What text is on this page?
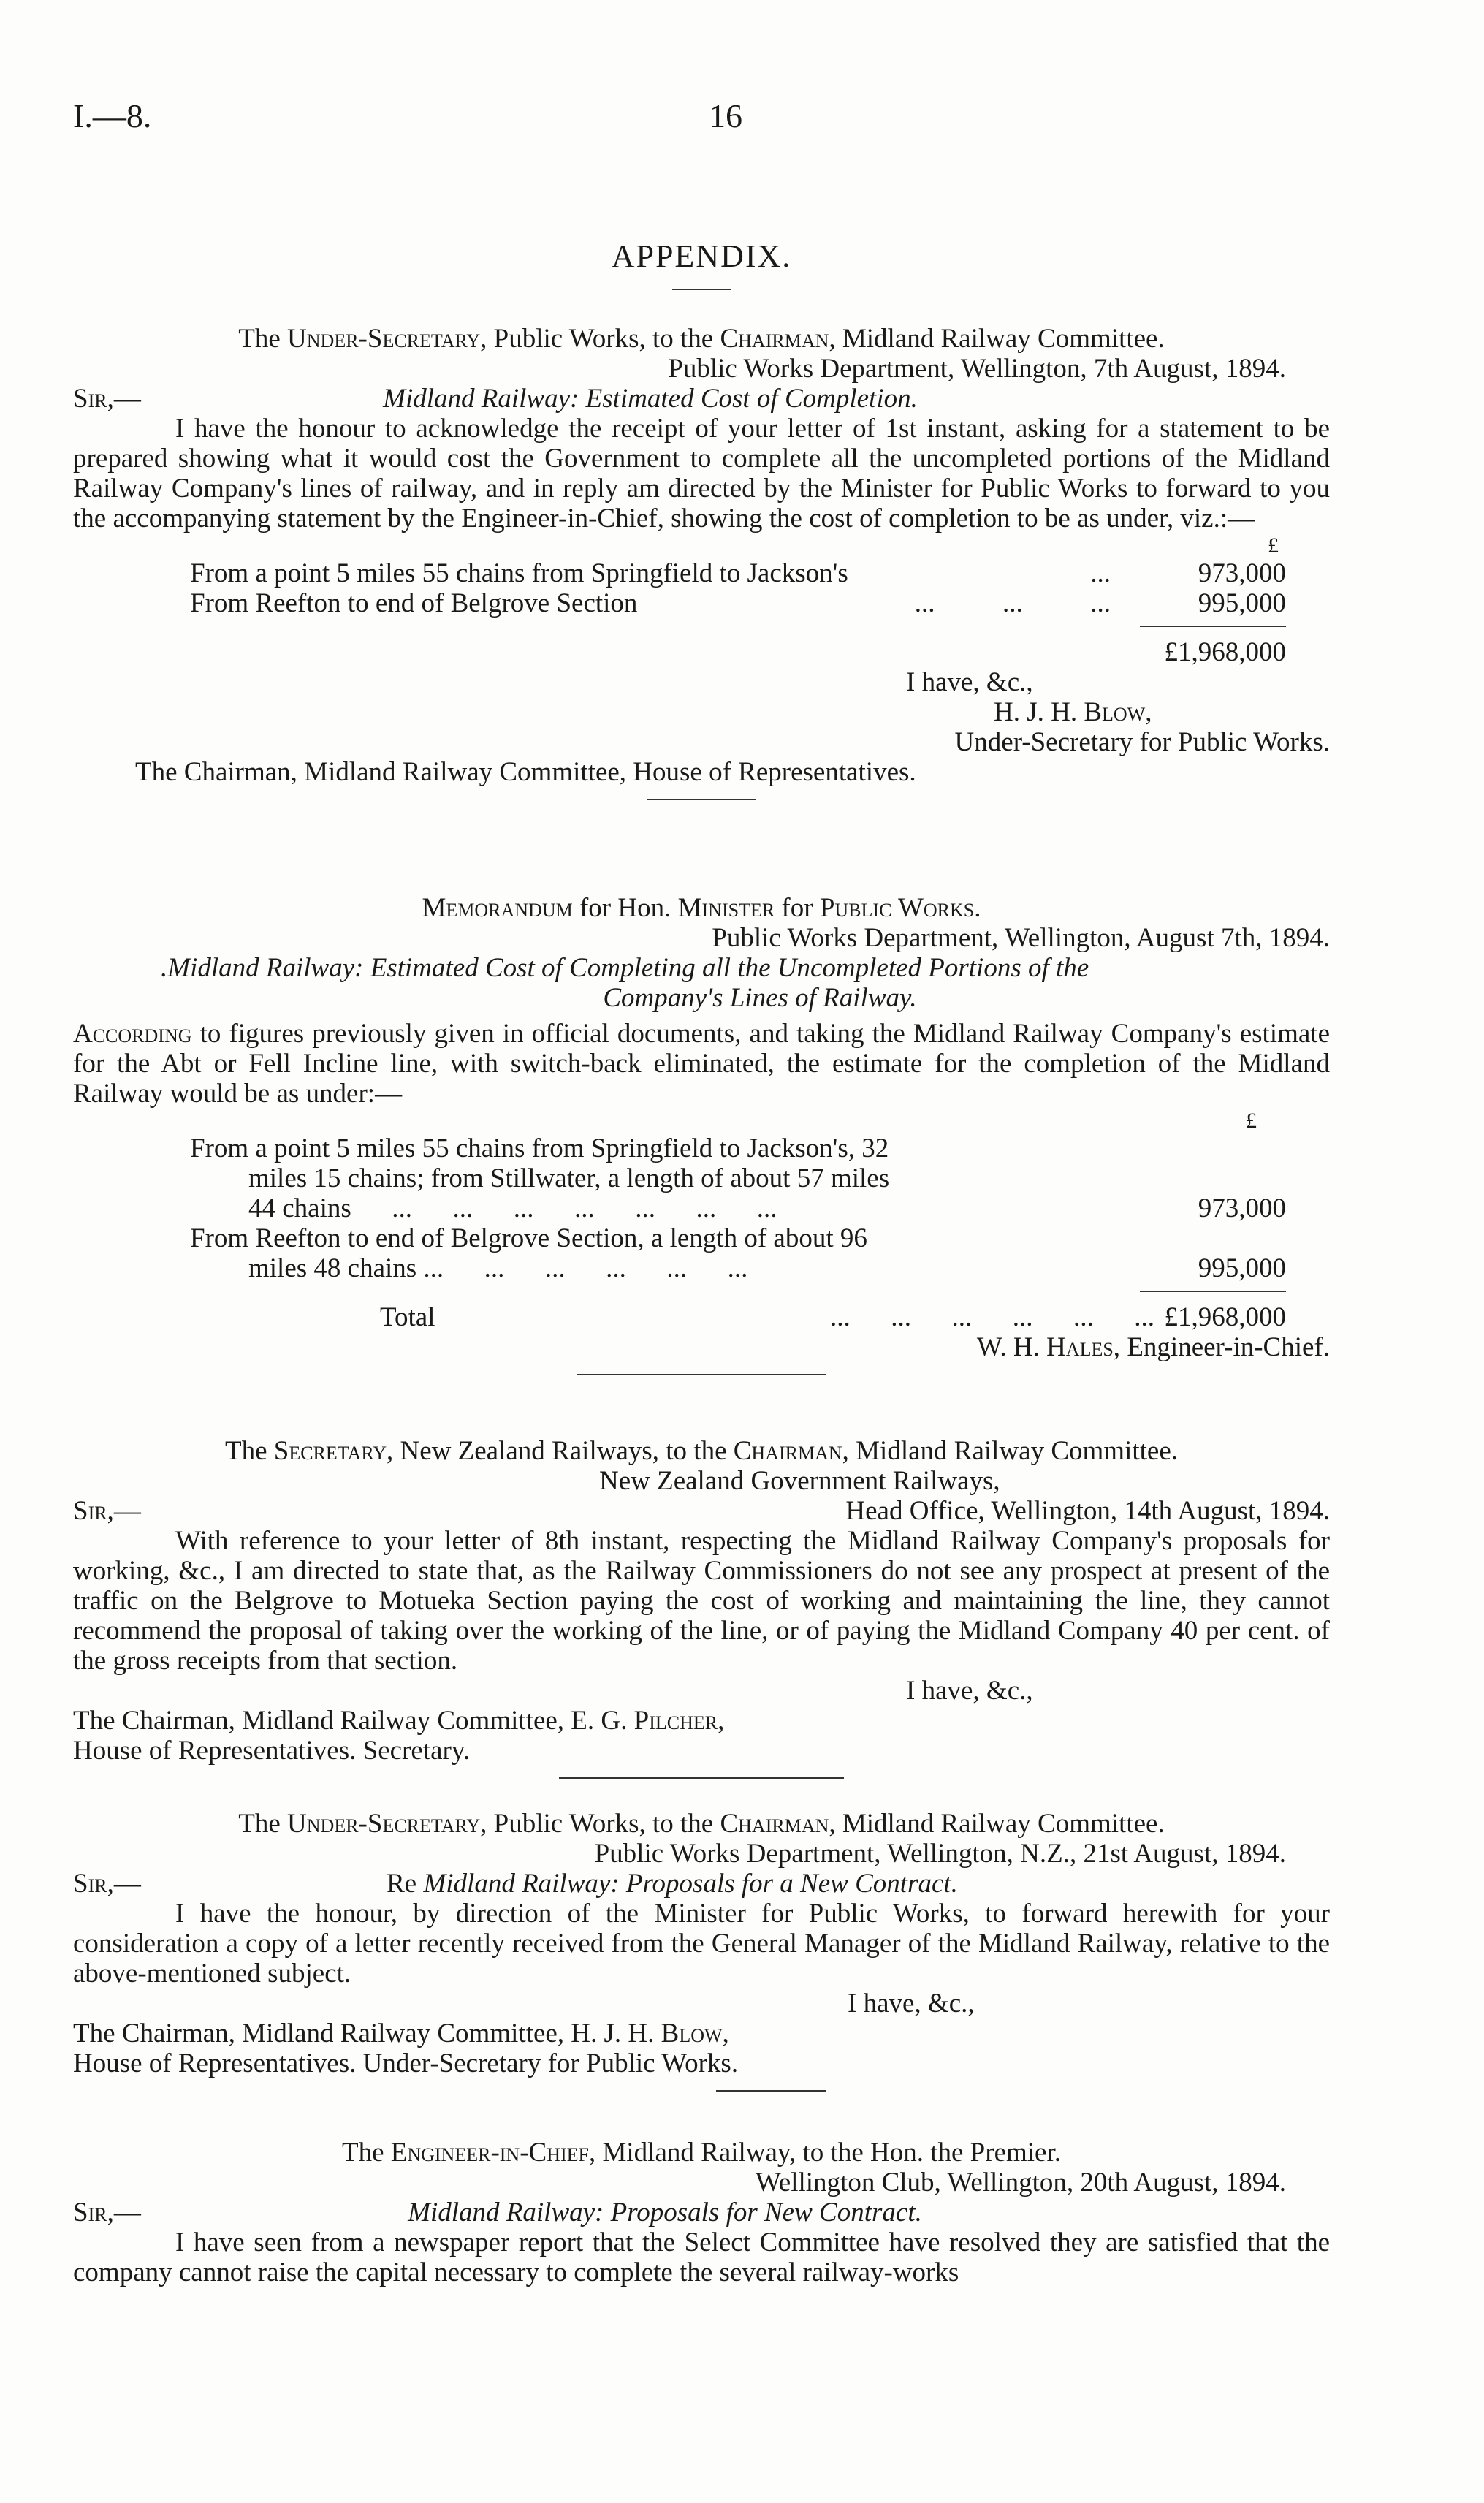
I.—8.	16
APPENDIX.
The Under-Secretary, Public Works, to the Chairman, Midland Railway Committee.
Public Works Department, Wellington, 7th August, 1894.
Sir,—	Midland Railway: Estimated Cost of Completion.
I have the honour to acknowledge the receipt of your letter of 1st instant, asking for a statement to be prepared showing what it would cost the Government to complete all the uncompleted portions of the Midland Railway Company's lines of railway, and in reply am directed by the Minister for Public Works to forward to you the accompanying statement by the Engineer-in-Chief, showing the cost of completion to be as under, viz.:—
£
From a point 5 miles 55 chains from Springfield to Jackson's	...	973,000
From Reefton to end of Belgrove Section	...          ...          ...	995,000
£1,968,000
I have, &c.,
H. J. H. Blow,
Under-Secretary for Public Works.
The Chairman, Midland Railway Committee, House of Representatives.
Memorandum for Hon. Minister for Public Works.
Public Works Department, Wellington, August 7th, 1894.
.Midland Railway: Estimated Cost of Completing all the Uncompleted Portions of the
Company's Lines of Railway.
According to figures previously given in official documents, and taking the Midland Railway Company's estimate for the Abt or Fell Incline line, with switch-back eliminated, the estimate for the completion of the Midland Railway would be as under:—
£
From a point 5 miles 55 chains from Springfield to Jackson's, 32
miles 15 chains; from Stillwater, a length of about 57 miles
44 chains      ...      ...      ...      ...      ...      ...      ...	973,000
From Reefton to end of Belgrove Section, a length of about 96
miles 48 chains ...      ...      ...      ...      ...      ...	995,000
Total	...      ...      ...      ...      ...      ... £1,968,000
W. H. Hales, Engineer-in-Chief.
The Secretary, New Zealand Railways, to the Chairman, Midland Railway Committee.
New Zealand Government Railways,
Sir,—	Head Office, Wellington, 14th August, 1894.
With reference to your letter of 8th instant, respecting the Midland Railway Company's proposals for working, &c., I am directed to state that, as the Railway Commissioners do not see any prospect at present of the traffic on the Belgrove to Motueka Section paying the cost of working and maintaining the line, they cannot recommend the proposal of taking over the working of the line, or of paying the Midland Company 40 per cent. of the gross receipts from that section.
I have, &c.,
The Chairman, Midland Railway Committee, E. G. Pilcher,
House of Representatives. Secretary.
The Under-Secretary, Public Works, to the Chairman, Midland Railway Committee.
Public Works Department, Wellington, N.Z., 21st August, 1894.
Sir,—	Re Midland Railway: Proposals for a New Contract.
I have the honour, by direction of the Minister for Public Works, to forward herewith for your consideration a copy of a letter recently received from the General Manager of the Midland Railway, relative to the above-mentioned subject.
I have, &c.,
The Chairman, Midland Railway Committee, H. J. H. Blow,
House of Representatives. Under-Secretary for Public Works.
The Engineer-in-Chief, Midland Railway, to the Hon. the Premier.
Wellington Club, Wellington, 20th August, 1894.
Sir,—	Midland Railway: Proposals for New Contract.
I have seen from a newspaper report that the Select Committee have resolved they are satisfied that the company cannot raise the capital necessary to complete the several railway-works
